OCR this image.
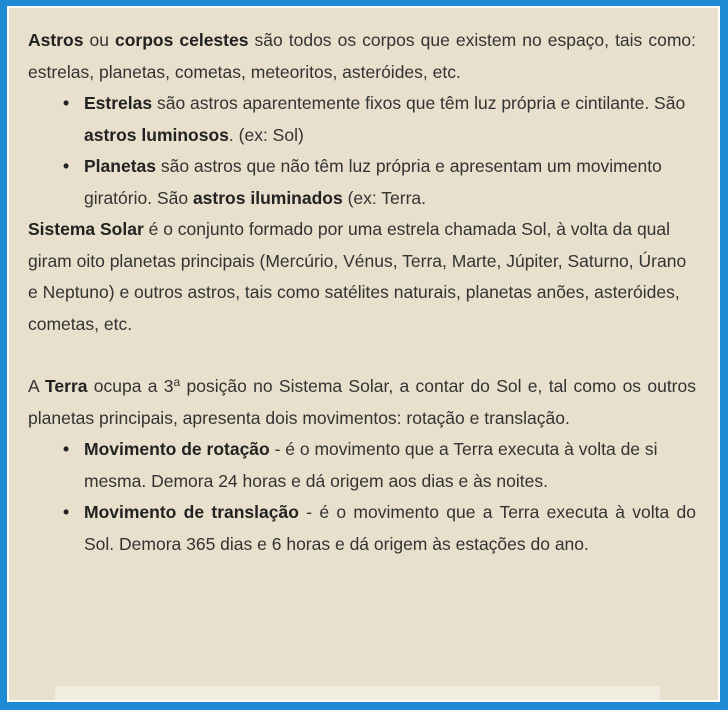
Astros ou corpos celestes são todos os corpos que existem no espaço, tais como: estrelas, planetas, cometas, meteoritos, asteróides, etc.

• Estrelas são astros aparentemente fixos que têm luz própria e cintilante. São astros luminosos. (ex: Sol)
• Planetas são astros que não têm luz própria e apresentam um movimento giratório. São astros iluminados (ex: Terra.

Sistema Solar é o conjunto formado por uma estrela chamada Sol, à volta da qual giram oito planetas principais (Mercúrio, Vénus, Terra, Marte, Júpiter, Saturno, Úrano e Neptuno) e outros astros, tais como satélites naturais, planetas anões, asteróides, cometas, etc.

A Terra ocupa a 3$^a$ posição no Sistema Solar, a contar do Sol e, tal como os outros planetas principais, apresenta dois movimentos: rotação e translação.

• Movimento de rotação - é o movimento que a Terra executa à volta de si mesma. Demora 24 horas e dá origem aos dias e às noites.
• Movimento de translação - é o movimento que a Terra executa à volta do Sol. Demora 365 dias e 6 horas e dá origem às estações do ano.
